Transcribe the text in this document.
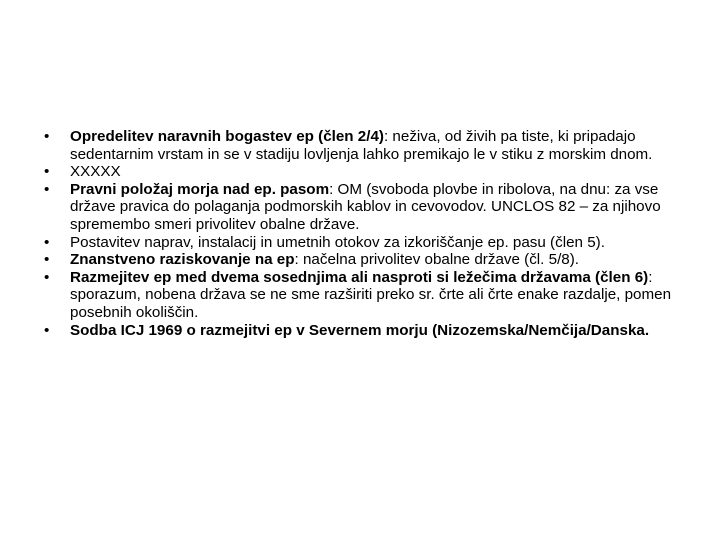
•	Opredelitev naravnih bogastev ep (člen 2/4): neživa, od živih pa tiste, ki pripadajo sedentarnim vrstam in se v stadiju lovljenja lahko premikajo le v stiku z morskim dnom.
•	XXXXX
•	Pravni položaj morja nad ep. pasom: OM (svoboda plovbe in ribolova, na dnu: za vse države pravica do polaganja podmorskih kablov in cevovodov. UNCLOS 82 – za njihovo spremembo smeri privolitev obalne države.
•	Postavitev naprav, instalacij in umetnih otokov za izkoriščanje ep. pasu (člen 5).
•	Znanstveno raziskovanje na ep: načelna privolitev obalne države (čl. 5/8).
•	Razmejitev ep med dvema sosednjima ali nasproti si ležečima državama (člen 6): sporazum, nobena država se ne sme razširiti preko sr. črte ali črte enake razdalje, pomen posebnih okoliščin.
•	Sodba ICJ 1969 o razmejitvi ep v Severnem morju (Nizozemska/Nemčija/Danska.
